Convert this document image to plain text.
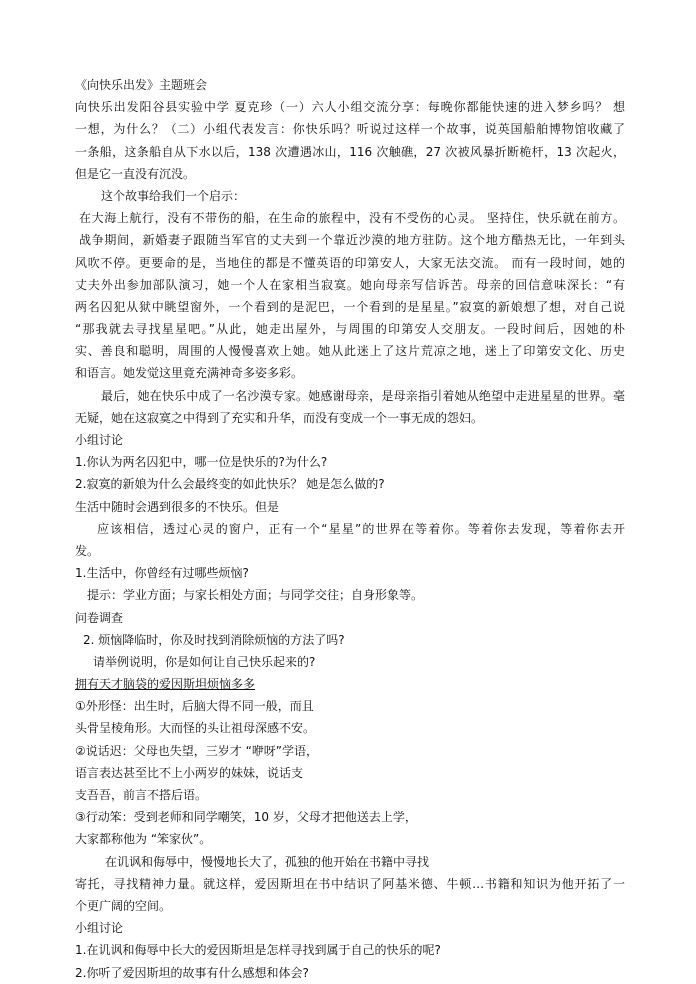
《向快乐出发》主题班会
向快乐出发阳谷县实验中学 夏克珍（一）六人小组交流分享：每晚你都能快速的进入梦乡吗？ 想
一想，为什么？（二）小组代表发言：你快乐吗？听说过这样一个故事，说英国船舶博物馆收藏了
一条船，这条船自从下水以后，138 次遭遇冰山，116 次触礁，27 次被风暴折断桅杆，13 次起火，
但是它一直没有沉没。
这个故事给我们一个启示：
在大海上航行，没有不带伤的船，在生命的旅程中，没有不受伤的心灵。 坚持住，快乐就在前方。
战争期间，新婚妻子跟随当军官的丈夫到一个靠近沙漠的地方驻防。这个地方酷热无比，一年到头
风吹不停。更要命的是，当地住的都是不懂英语的印第安人，大家无法交流。 而有一段时间，她的
丈夫外出参加部队演习，她一个人在家相当寂寞。她向母亲写信诉苦。母亲的回信意味深长：“有
两名囚犯从狱中眺望窗外，一个看到的是泥巴，一个看到的是星星。”寂寞的新娘想了想，对自己说
“那我就去寻找星星吧。”从此，她走出屋外，与周围的印第安人交朋友。一段时间后，因她的朴
实、善良和聪明，周围的人慢慢喜欢上她。她从此迷上了这片荒凉之地，迷上了印第安文化、历史
和语言。她发觉这里竟充满神奇多姿多彩。
最后，她在快乐中成了一名沙漠专家。她感谢母亲，是母亲指引着她从绝望中走进星星的世界。毫
无疑，她在这寂寞之中得到了充实和升华，而没有变成一个一事无成的怨妇。
小组讨论
1.你认为两名囚犯中，哪一位是快乐的?为什么?
2.寂寞的新娘为什么会最终变的如此快乐？ 她是怎么做的?
生活中随时会遇到很多的不快乐。但是
应该相信，透过心灵的窗户，正有一个“星星”的世界在等着你。等着你去发现，等着你去开
发。
1.生活中，你曾经有过哪些烦恼?
提示：学业方面；与家长相处方面；与同学交往；自身形象等。
问卷调查
2. 烦恼降临时，你及时找到消除烦恼的方法了吗?
请举例说明，你是如何让自己快乐起来的?
拥有天才脑袋的爱因斯坦烦恼多多
①外形怪：出生时，后脑大得不同一般，而且
头骨呈棱角形。大而怪的头让祖母深感不安。
②说话迟：父母也失望，三岁才 “咿呀”学语，
语言表达甚至比不上小两岁的妹妹，说话支
支吾吾，前言不搭后语。
③行动笨：受到老师和同学嘲笑，10 岁，父母才把他送去上学，
大家都称他为 “笨家伙”。
在讥讽和侮辱中，慢慢地长大了，孤独的他开始在书籍中寻找
寄托，寻找精神力量。就这样，爱因斯坦在书中结识了阿基米德、牛顿…书籍和知识为他开拓了一
个更广阔的空间。
小组讨论
1.在讥讽和侮辱中长大的爱因斯坦是怎样寻找到属于自己的快乐的呢?
2.你听了爱因斯坦的故事有什么感想和体会?
